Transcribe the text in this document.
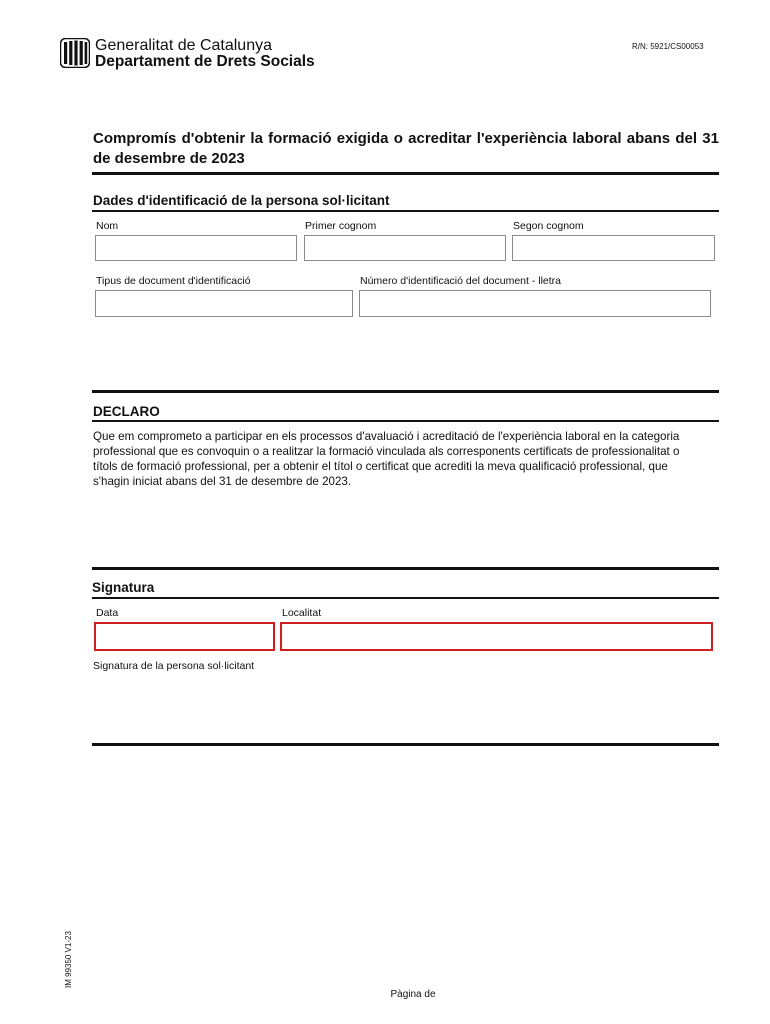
Generalitat de Catalunya
Departament de Drets Socials
R/N: 5921/CS00053
Compromís d'obtenir la formació exigida o acreditar l'experiència laboral abans del 31 de desembre de 2023
Dades d'identificació de la persona sol·licitant
Nom	Primer cognom	Segon cognom
Tipus de document d'identificació	Número d'identificació del document - lletra
DECLARO
Que em comprometo a participar en els processos d'avaluació i acreditació de l'experiència laboral en la categoria professional que es convoquin o a realitzar la formació vinculada als corresponents certificats de professionalitat o títols de formació professional, per a obtenir el títol o certificat que acrediti la meva qualificació professional, que s'hagin iniciat abans del 31 de desembre de 2023.
Signatura
Data	Localitat
Signatura de la persona sol·licitant
IM 99350 V1-23
Pàgina de
